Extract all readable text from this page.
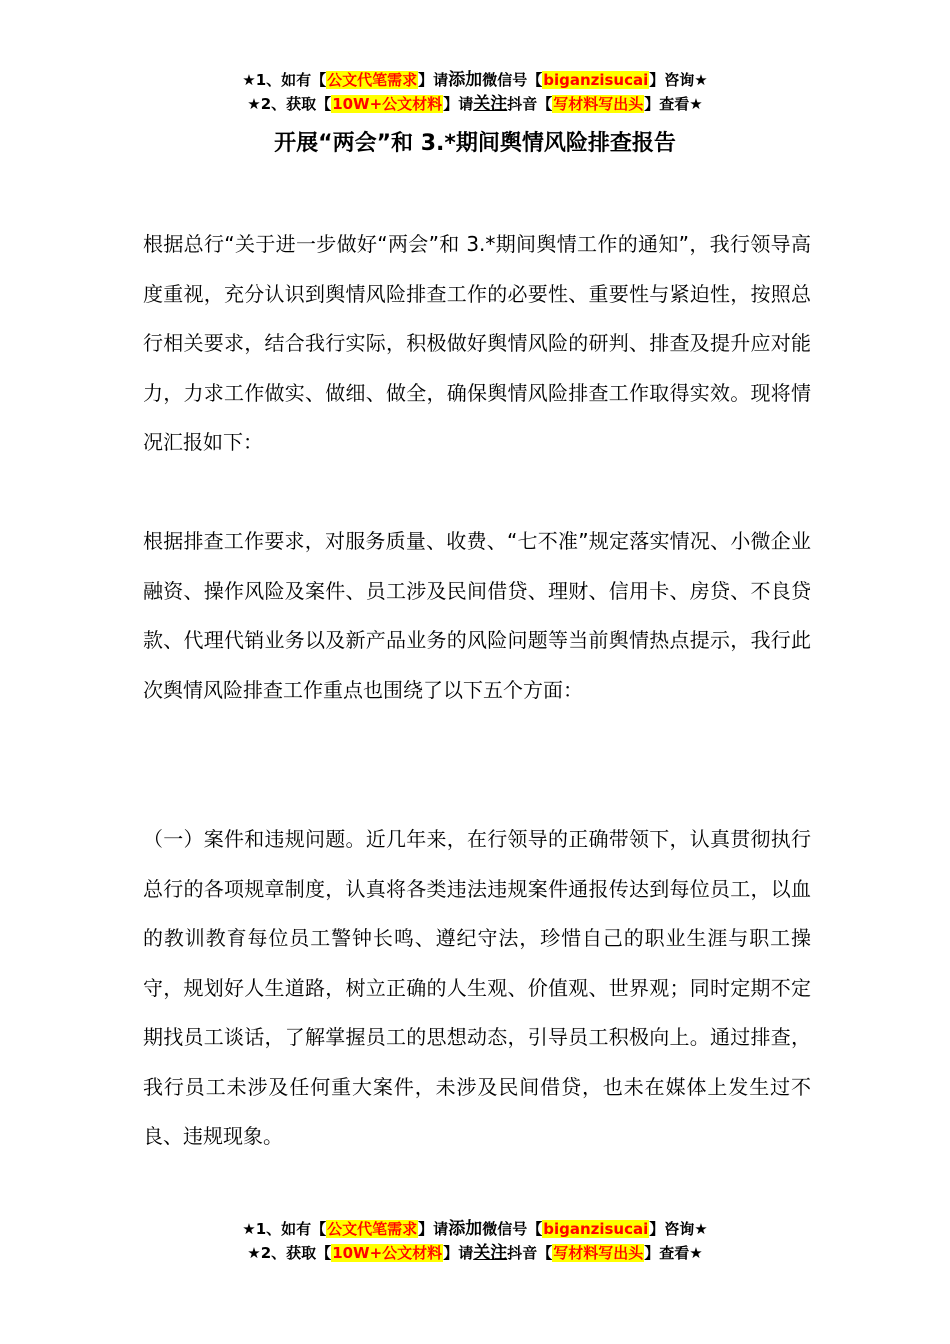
★1、如有【公文代笔需求】请添加微信号【biganzisucai】咨询★
★2、获取【10W+公文材料】请关注抖音【写材料写出头】查看★
开展“两会”和 3.*期间舆情风险排查报告

根据总行“关于进一步做好“两会”和 3.*期间舆情工作的通知”，我行领导高度重视，充分认识到舆情风险排查工作的必要性、重要性与紧迫性，按照总行相关要求，结合我行实际，积极做好舆情风险的研判、排查及提升应对能力，力求工作做实、做细、做全，确保舆情风险排查工作取得实效。现将情况汇报如下：

根据排查工作要求，对服务质量、收费、“七不准”规定落实情况、小微企业融资、操作风险及案件、员工涉及民间借贷、理财、信用卡、房贷、不良贷款、代理代销业务以及新产品业务的风险问题等当前舆情热点提示，我行此次舆情风险排查工作重点也围绕了以下五个方面：

（一）案件和违规问题。近几年来，在行领导的正确带领下，认真贯彻执行总行的各项规章制度，认真将各类违法违规案件通报传达到每位员工，以血的教训教育每位员工警钟长鸣、遵纪守法，珍惜自己的职业生涯与职工操守，规划好人生道路，树立正确的人生观、价值观、世界观；同时定期不定期找员工谈话，了解掌握员工的思想动态，引导员工积极向上。通过排查，我行员工未涉及任何重大案件，未涉及民间借贷，也未在媒体上发生过不良、违规现象。

★1、如有【公文代笔需求】请添加微信号【biganzisucai】咨询★
★2、获取【10W+公文材料】请关注抖音【写材料写出头】查看★
